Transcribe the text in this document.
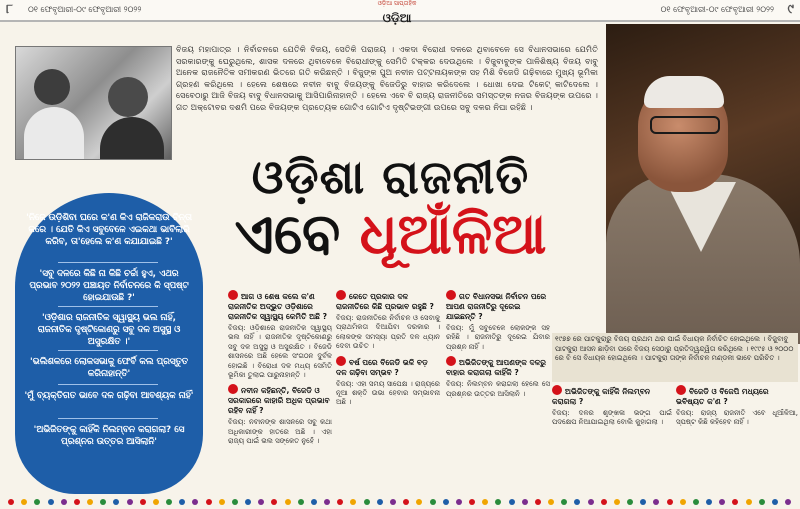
୮ ୦୧ ଫେବୃଆରୀ-୦୯ ଫେବୃଆରୀ ୨୦୨୨
ଓଡ଼ିଆ ସାପ୍ତାହିକ
ଓଡ଼ିଆ
୦୧ ଫେବୃଆରୀ-୦୯ ଫେବୃଆରୀ ୨୦୨୨ ୯
ବିଜୟ ମହାପାତ୍ର । ନିର୍ବାଚନରେ ଯେତିକି ବିଜୟ, ସେତିକି ପରାଜୟ । ଏକଦା ବିରୋଧୀ ଦଳରେ ଥିବାବେଳେ ସେ ବିଧାନସଭାରେ ଯେମିତି ସରକାରଙ୍କୁ ଘେରୁଥିଲେ, ଶାସକ ଦଳରେ ଥିବାବେଳେ ବିରୋଧୀଙ୍କୁ ସେମିତି ଟକ୍କର ଦେଉଥିଲେ । ବିଜୁବାବୁଙ୍କ ପାଳିଶିଷ୍ୟ ବିଜୟ ବାବୁ ଅନେକ ରାଜନୈତିକ ସମୀକରଣ ଭିତରେ ଗତି କରିଛନ୍ତି । ବିଜୁଙ୍କ ପୁଅ ନବୀନ ପଟ୍ଟନାୟକଙ୍କ ସହ ମିଶି ବିଜେଡି ଗଢ଼ିବାରେ ମୁଖ୍ୟ ଭୂମିକା ଗ୍ରହଣ କରିଥିଲେ । ହେଲେ ଶେଷରେ ନବୀନ ବାବୁ ବିଜୟଙ୍କୁ ବିଜେଡିରୁ ବାହାର କରିଦେଲେ । ଧୋଖା ଦେଇ ଟିକେଟ୍ କାଟିଦେଲେ । ସେବେଠାରୁ ଆଜି ବିଜୟ ବାବୁ ବିଧାନସଭାକୁ ଆସିପାରିନାହାନ୍ତି । ହେଲେ ଏବେ ବି ରାଜ୍ୟ ରାଜନୀତିରେ ସମସ୍ତଙ୍କ ନଜର ବିଜୟଙ୍କ ଉପରେ । ଗତ ଅକ୍ଟୋବର ଦଶମି ପରେ ବିଜୟଙ୍କ ପ୍ରତ୍ୟେକ ଗୋଟିଏ ଗୋଟିଏ ଦୃଷ୍ଟିଭଙ୍ଗୀ ଉପରେ ସବୁ ଦଳର ନିଘା ରହିଛି ।
ଓଡ଼ିଶା ରାଜନୀତି
ଏବେ ଧୂଆଁଳିଆ
୧୯୭୭ ରେ ପାଟକୁରାରୁ ବିଜୟ ପ୍ରଥମ ଥର ପାଇଁ ବିଧାୟକ ନିର୍ବାଚିତ ହୋଇଥିଲେ । ବିଜୁବାବୁ ପାଟକୁରା ଆସନ ଛାଡ଼ିବା ପରେ ବିଜୟ ସେଠାରୁ ପ୍ରତିଦ୍ୱନ୍ଦ୍ୱିତା କରିଥିଲେ । ୧୯୯୫ ଓ ୨୦୦୦ ରେ ବି ସେ ବିଧାୟକ ହୋଇଥିଲେ । ପାଟକୁରା ତାଙ୍କ ନିର୍ବାଚନ ମଣ୍ଡଳୀ ଭାବେ ପରିଚିତ ।
'ନିଜେ ଉଡ଼ିଶିବା ଘରେ କ'ଣ କିଏ ରାଜିକରାଉ ଚିନ୍ତା କରେ । ଯେତି କିଏ ସବୁବେଳେ ଏଇକଥା ଭାବିଲାରି କରିବ, ତା'ହେଲେ କ'ଣ କଯାଯାଇଛି ?'
'ସବୁ ଦଳରେ କିଛି ନା କିଛି ଚର୍ଚ୍ଚା ହୁଏ, ଏଥର ପ୍ରଭାବ ୨୦୨୨ ପଞ୍ଚାୟତ ନିର୍ବାଚନରେ କି ସ୍ପଷ୍ଟ ହୋଇଯାଉଛି ?'
'ଓଡ଼ିଶାର ରାଜନୀତିକ ସ୍ୱାସ୍ଥ୍ୟ ଭଲ ନାହିଁ, ରାଜନୀତିକ ଦୃଷ୍ଟିକୋଣରୁ ସବୁ ଦଳ ଅସୁସ୍ଥ ଓ ଅସୁରକ୍ଷିତ ।'
'ଭଲିଶକରେ ଲୋକସଭାକୁ ଫେର୍ବି କଲ ପ୍ରସ୍ତୁତ କରିନାହାନ୍ତି'
'ମୁଁ ବ୍ୟକ୍ତିଗତ ଭାବେ ଦଳ ଗଢ଼ିବା ଆବଶ୍ୟକ ନାହିଁ'
'ଅଭିଜିତଙ୍କୁ କାହିଁକି ନିଲମ୍ବନ କରାଗଲା? ସେ ପ୍ରଶ୍ନର ଉତ୍ତର ଆସିଲାନି'
ଆଗ ଓ ଶେଷ କଲେ କ'ଣ ରାଜନୀତିକ ଅଦ୍ଭୁତ ଓଡ଼ିଶାରେ ରାଜନୀତିକ ସ୍ୱାସ୍ଥ୍ୟ କେମିତି ଅଛି ?
ବିଜୟ: ଓଡ଼ିଶାରେ ରାଜନୀତିକ ସ୍ୱାସ୍ଥ୍ୟ ଭଲ ନାହିଁ । ରାଜନୀତିକ ଦୃଷ୍ଟିକୋଣରୁ ସବୁ ଦଳ ଅସୁସ୍ଥ ଓ ଅସୁରକ୍ଷିତ । ବିଜେଡି ଶାସନରେ ଅଛି ହେଲେ ସଂଗଠନ ଦୁର୍ବଳ ହୋଇଛି । ବିରୋଧୀ ଦଳ ମଧ୍ୟ ସେମିତି ଭୂମିକା ତୁଲାଇ ପାରୁନାହାନ୍ତି ।
ନବୀନ କହିଛନ୍ତି, ବିଜେଡି ଓ ସରକାରରେ କାହାରି ଅଧିକ ପ୍ରଭାବ ରହିବ ନାହିଁ ?
ବିଜୟ: ନବୀନଙ୍କ ଶାସନରେ ସବୁ କଥା ଅଧିକାରୀଙ୍କ ହାତରେ ଅଛି । ଏହା ରାଜ୍ୟ ପାଇଁ ଭଲ ସଙ୍କେତ ନୁହେଁ ।
କେତେ ପ୍ରକାର ଦଳ ରାଜନୀତିରେ କିଛି ପ୍ରଭାବ ରହୁଛି ?
ବିଜୟ: ରାଜନୀତିରେ ନିର୍ବାଚନ ଓ ସେବାକୁ ପ୍ରାଥମିକତା ଦିଆଯିବା ଦରକାର । ଲୋକଙ୍କ ସମସ୍ୟା ପ୍ରତି ଦଳ ଧ୍ୟାନ ଦେବା ଉଚିତ ।
ବର୍ଷ ପରେ ବିଜେଡି ଭଳି ବଡ଼ ଦଳ ଗଢ଼ିବା ସମ୍ଭବ ?
ବିଜୟ: ଏହା ସମୟ ସାପେକ୍ଷ । ରାଜ୍ୟରେ ନୂଆ ଶକ୍ତି ଉଭା ହେବାର ସମ୍ଭାବନା ଅଛି ।
ଗତ ବିଧାନସଭା ନିର୍ବାଚନ ପରେ ଆପଣ ରାଜନୀତିରୁ ଦୂରେଇ ଯାଇଛନ୍ତି ?
ବିଜୟ: ମୁଁ ସବୁବେଳେ ଲୋକଙ୍କ ସହ ରହିଛି । ରାଜନୀତିରୁ ଦୂରେଇ ଯିବାର ପ୍ରଶ୍ନ ନାହିଁ ।
ଅଭିଜିତଙ୍କୁ ଆପଣଙ୍କ ଦଳରୁ ବାହାର କରାଗଲା କାହିଁକି ?
ବିଜୟ: ନିଲମ୍ବନ କରାଗଲା ହେଲେ ସେ ପ୍ରଶ୍ନର ଉତ୍ତର ଆସିଲାନି ।	ଅଭିଜିତଙ୍କୁ କାହିଁକି ନିଲମ୍ବନ କରାଗଲା ?
ବିଜୟ: ଦଳର ଶୃଙ୍ଖଳା ଭଙ୍ଗ ପାଇଁ ପଦକ୍ଷେପ ନିଆଯାଇଥିଲା ବୋଲି କୁହାଗଲା ।
ବିଜେଡି ଓ ବିଜେପି ମଧ୍ୟରେ ଭବିଷ୍ୟତ କ'ଣ ?
ବିଜୟ: ରାଜ୍ୟ ରାଜନୀତି ଏବେ ଧୂଆଁଳିଆ, ସ୍ପଷ୍ଟ କିଛି କହିହେବ ନାହିଁ ।
